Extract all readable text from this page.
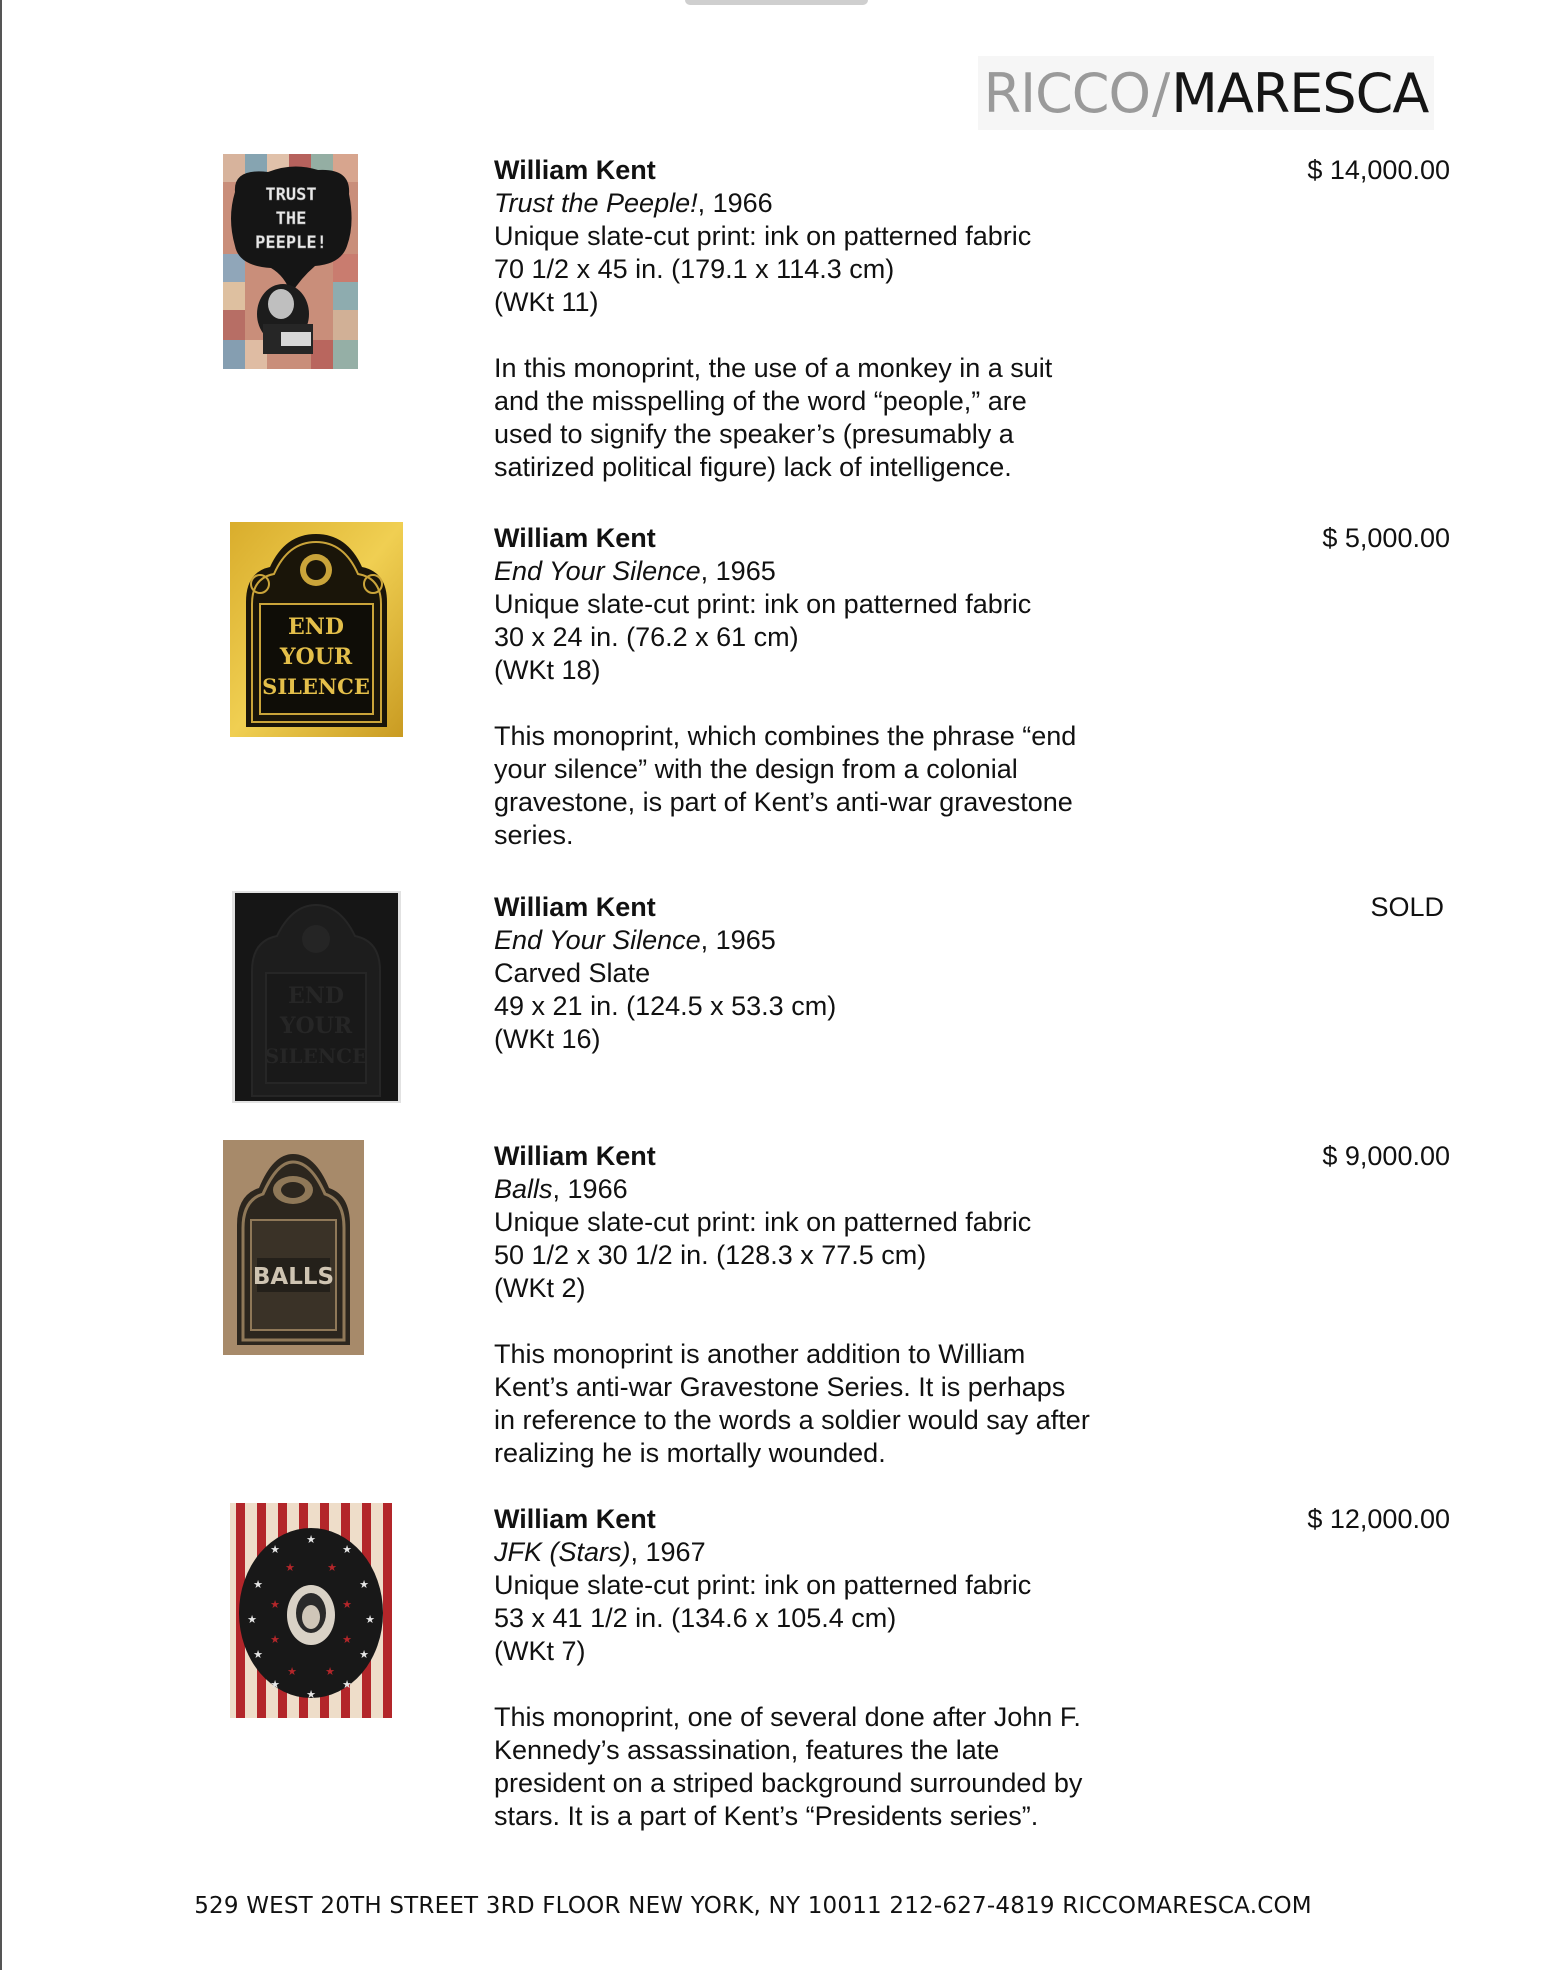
RICCO / MARESCA
TRUST
THE
PEEPLE!
William Kent
Trust the Peeple!, 1966
Unique slate-cut print: ink on patterned fabric
70 1/2 x 45 in. (179.1 x 114.3 cm)
(WKt 11)
In this monoprint, the use of a monkey in a suit
and the misspelling of the word “people,” are
used to signify the speaker’s (presumably a
satirized political figure) lack of intelligence.
$ 14,000.00
END
YOUR
SILENCE
William Kent
End Your Silence, 1965
Unique slate-cut print: ink on patterned fabric
30 x 24 in. (76.2 x 61 cm)
(WKt 18)
This monoprint, which combines the phrase “end
your silence” with the design from a colonial
gravestone, is part of Kent’s anti-war gravestone
series.
$ 5,000.00
END
YOUR
SILENCE
William Kent
End Your Silence, 1965
Carved Slate
49 x 21 in. (124.5 x 53.3 cm)
(WKt 16)
SOLD
BALLS
William Kent
Balls, 1966
Unique slate-cut print: ink on patterned fabric
50 1/2 x 30 1/2 in. (128.3 x 77.5 cm)
(WKt 2)
This monoprint is another addition to William
Kent’s anti-war Gravestone Series. It is perhaps
in reference to the words a soldier would say after
realizing he is mortally wounded.
$ 9,000.00
★
★
★
★	★
★	★
★	★
★
★
★
★	★
★	★
★	★
★	★
William Kent
JFK (Stars), 1967
Unique slate-cut print: ink on patterned fabric
53 x 41 1/2 in. (134.6 x 105.4 cm)
(WKt 7)
This monoprint, one of several done after John F.
Kennedy’s assassination, features the late
president on a striped background surrounded by
stars. It is a part of Kent’s “Presidents series”.
$ 12,000.00
529 WEST 20TH STREET 3RD FLOOR NEW YORK, NY 10011 212-627-4819 RICCOMARESCA.COM
